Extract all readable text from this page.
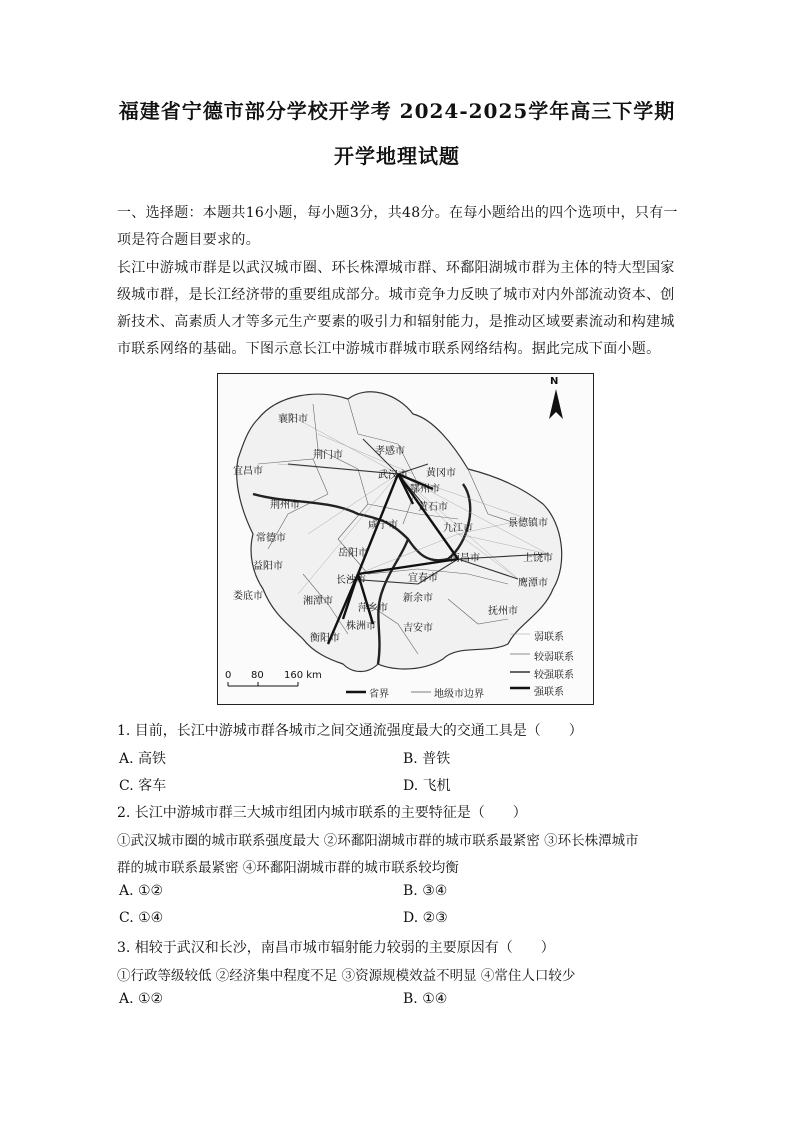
福建省宁德市部分学校开学考 2024-2025学年高三下学期
开学地理试题
一、选择题：本题共16小题，每小题3分，共48分。在每小题给出的四个选项中，只有一项是符合题目要求的。
长江中游城市群是以武汉城市圈、环长株潭城市群、环鄱阳湖城市群为主体的特大型国家级城市群，是长江经济带的重要组成部分。城市竞争力反映了城市对内外部流动资本、创新技术、高素质人才等多元生产要素的吸引力和辐射能力，是推动区域要素流动和构建城市联系网络的基础。下图示意长江中游城市群城市联系网络结构。据此完成下面小题。
襄阳市
荆门市	孝感市
宜昌市	武汉市 黄冈市
鄂州市
荆州市	黄石市
咸宁市	九江市	景德镇市
常德市
岳阳市
益阳市
南昌市	上饶市
娄底市
长沙市	宜春市	鹰潭市
湘潭市	新余市
抚州市
衡阳市
株洲市
萍乡市
吉安市
N
弱联系
较弱联系
较强联系
强联系
省界	地级市边界
0 80 160 km
1. 目前，长江中游城市群各城市之间交通流强度最大的交通工具是（　　）
A. 高铁	B. 普铁
C. 客车	D. 飞机
2. 长江中游城市群三大城市组团内城市联系的主要特征是（　　）
①武汉城市圈的城市联系强度最大 ②环鄱阳湖城市群的城市联系最紧密 ③环长株潭城市
群的城市联系最紧密 ④环鄱阳湖城市群的城市联系较均衡
A. ①②	B. ③④
C. ①④	D. ②③
3. 相较于武汉和长沙，南昌市城市辐射能力较弱的主要原因有（　　）
①行政等级较低 ②经济集中程度不足 ③资源规模效益不明显 ④常住人口较少
A. ①②	B. ①④
